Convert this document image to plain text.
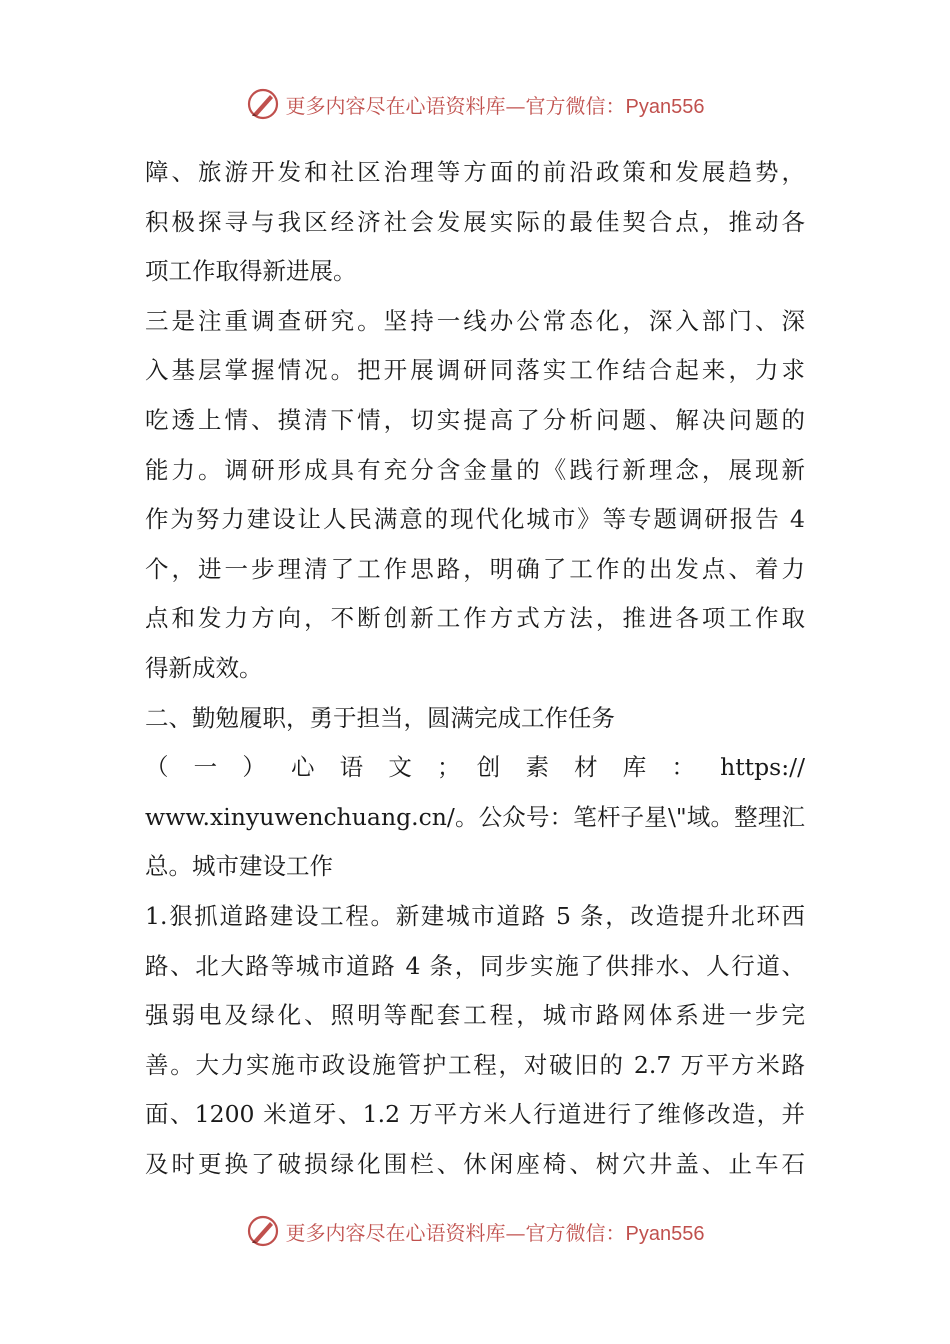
更多内容尽在心语资料库—官方微信：Pyan556
障、旅游开发和社区治理等方面的前沿政策和发展趋势，
积极探寻与我区经济社会发展实际的最佳契合点，推动各
项工作取得新进展。
三是注重调查研究。坚持一线办公常态化，深入部门、深
入基层掌握情况。把开展调研同落实工作结合起来，力求
吃透上情、摸清下情，切实提高了分析问题、解决问题的
能力。调研形成具有充分含金量的《践行新理念，展现新
作为努力建设让人民满意的现代化城市》等专题调研报告 4
个，进一步理清了工作思路，明确了工作的出发点、着力
点和发力方向，不断创新工作方式方法，推进各项工作取
得新成效。
二、勤勉履职，勇于担当，圆满完成工作任务
（ 一 ） 心 语 文 ； 创 素 材 库 ： https://
www.xinyuwenchuang.cn/。公众号：笔杆子星\"域。整理汇
总。城市建设工作
1.狠抓道路建设工程。新建城市道路 5 条，改造提升北环西
路、北大路等城市道路 4 条，同步实施了供排水、人行道、
强弱电及绿化、照明等配套工程，城市路网体系进一步完
善。大力实施市政设施管护工程，对破旧的 2.7 万平方米路
面、1200 米道牙、1.2 万平方米人行道进行了维修改造，并
及时更换了破损绿化围栏、休闲座椅、树穴井盖、止车石
更多内容尽在心语资料库—官方微信：Pyan556
